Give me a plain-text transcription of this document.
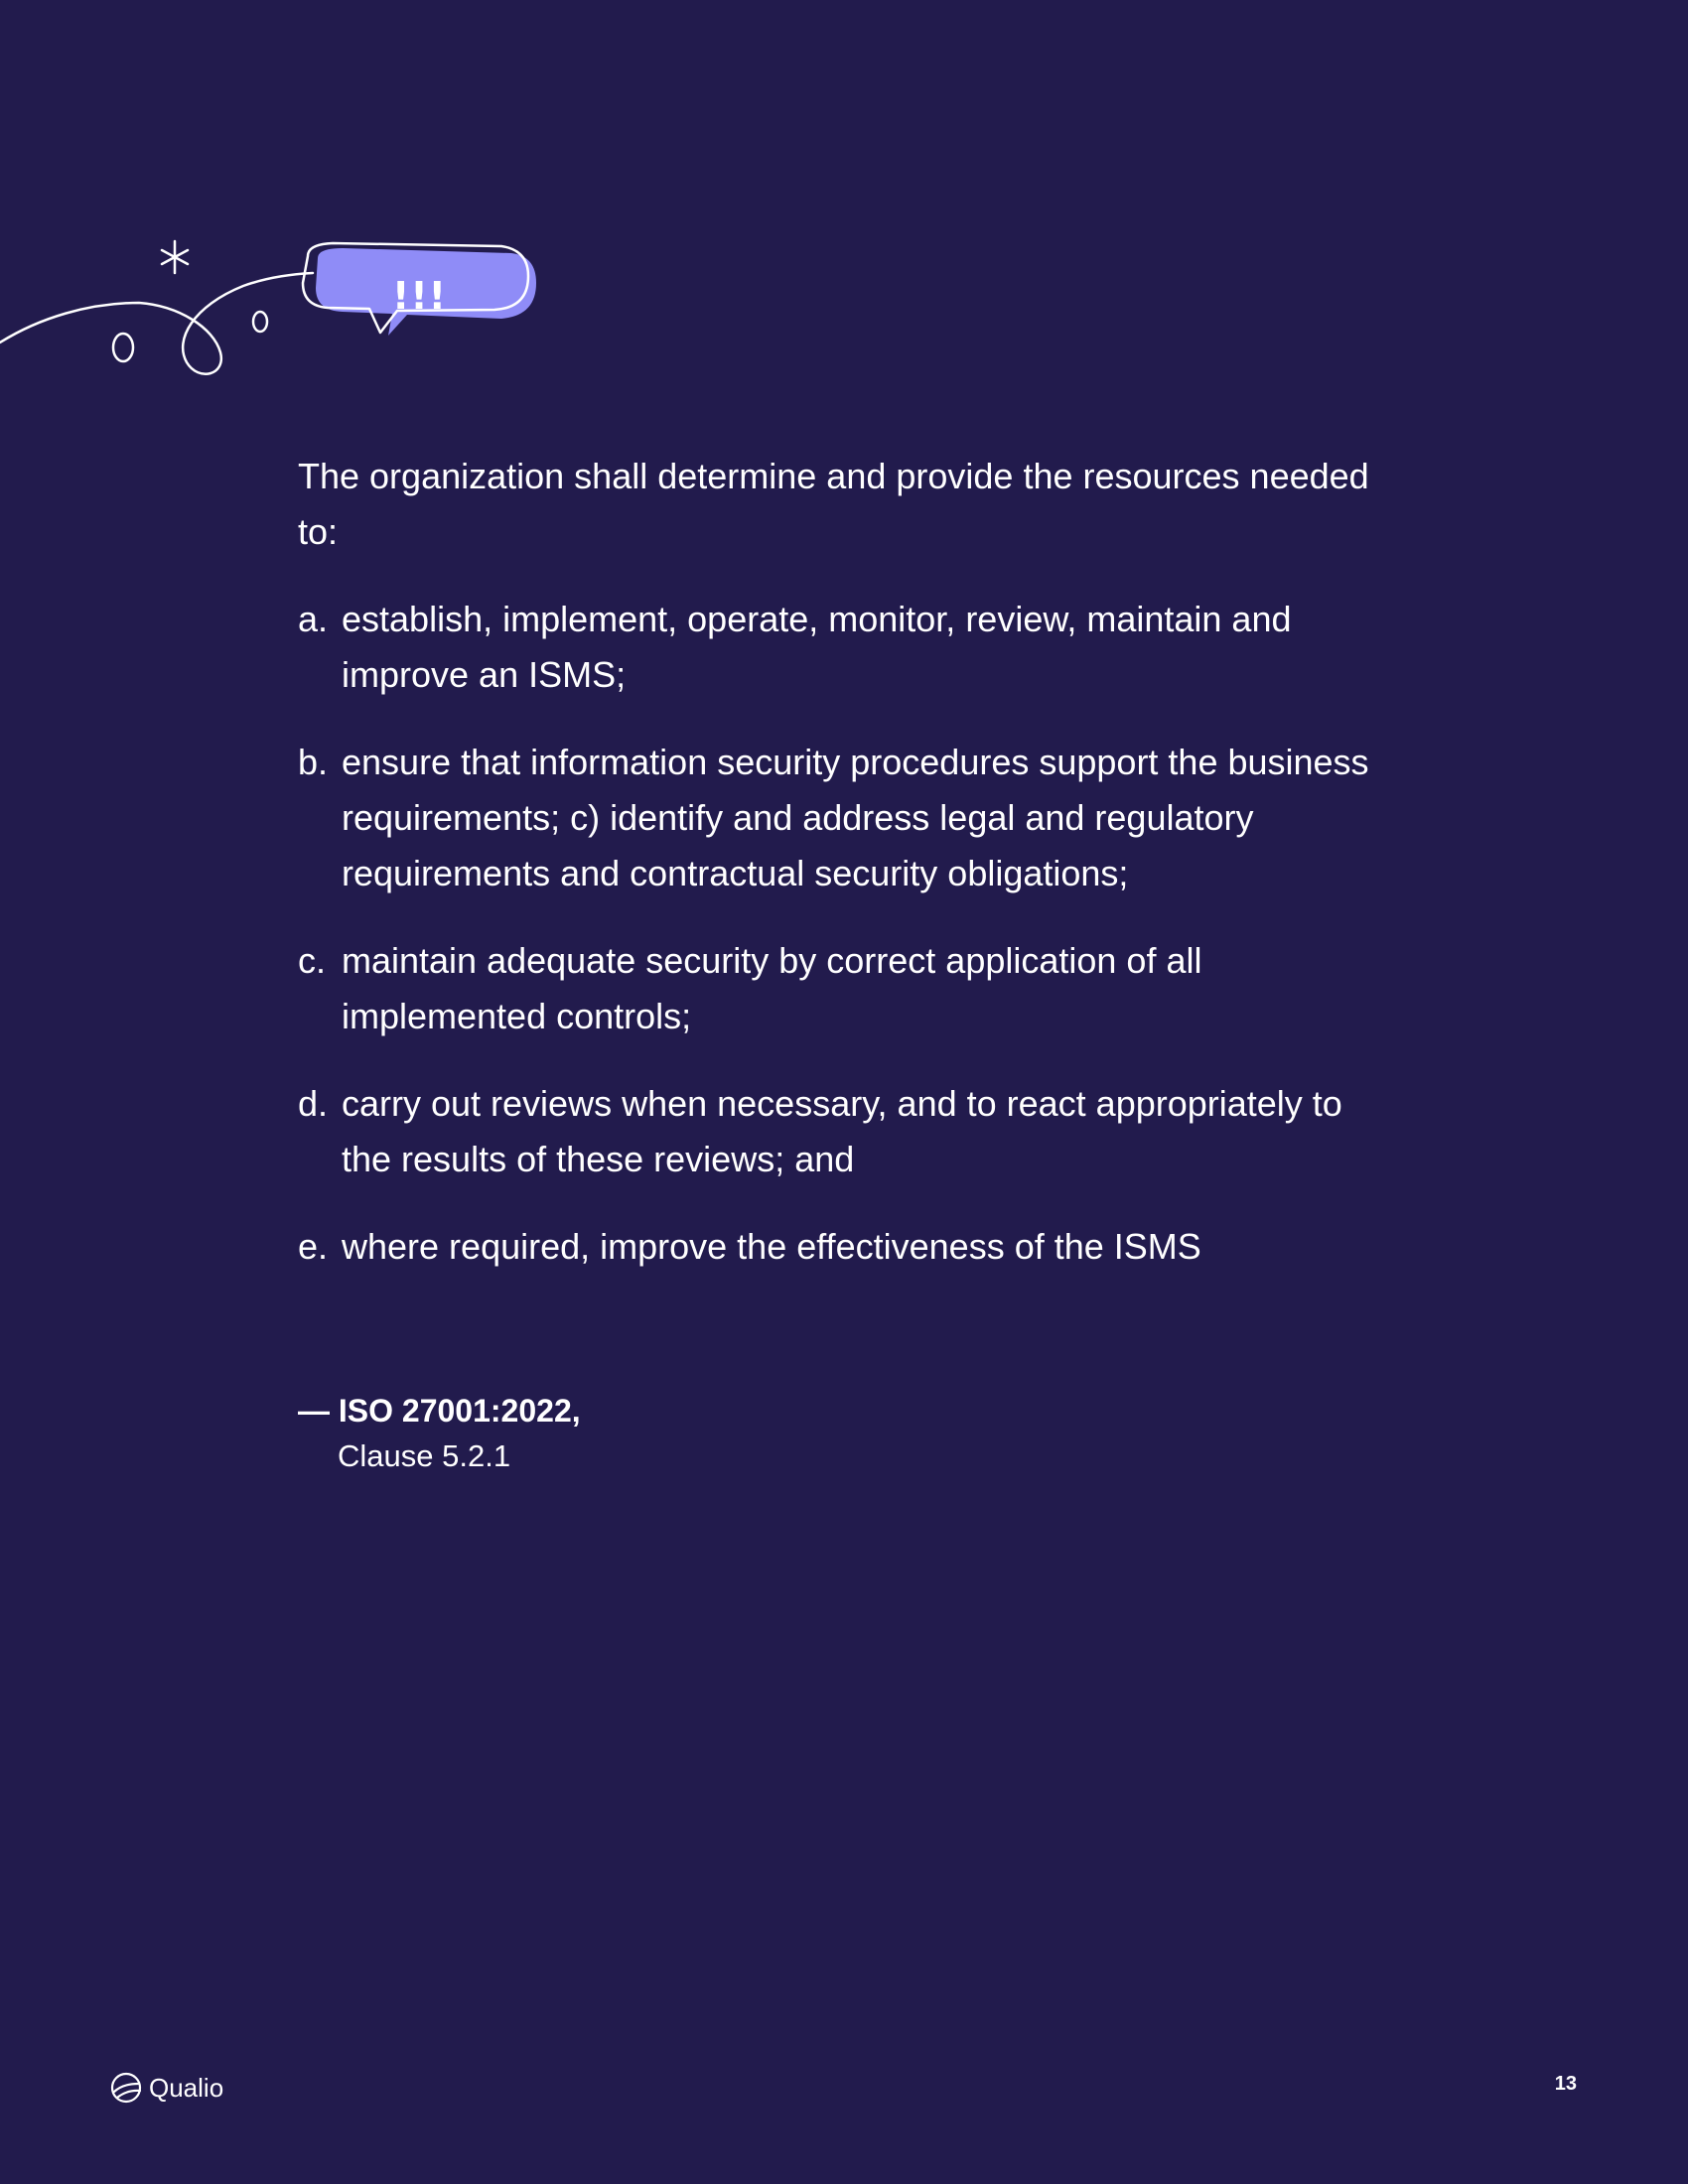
!!!

The organization shall determine and provide the resources needed to:

a. establish, implement, operate, monitor, review, maintain and improve an ISMS;
b. ensure that information security procedures support the business requirements; c) identify and address legal and regulatory requirements and contractual security obligations;
c. maintain adequate security by correct application of all implemented controls;
d. carry out reviews when necessary, and to react appropriately to the results of these reviews; and
e. where required, improve the effectiveness of the ISMS
— ISO 27001:2022,
Clause 5.2.1
Qualio	13
